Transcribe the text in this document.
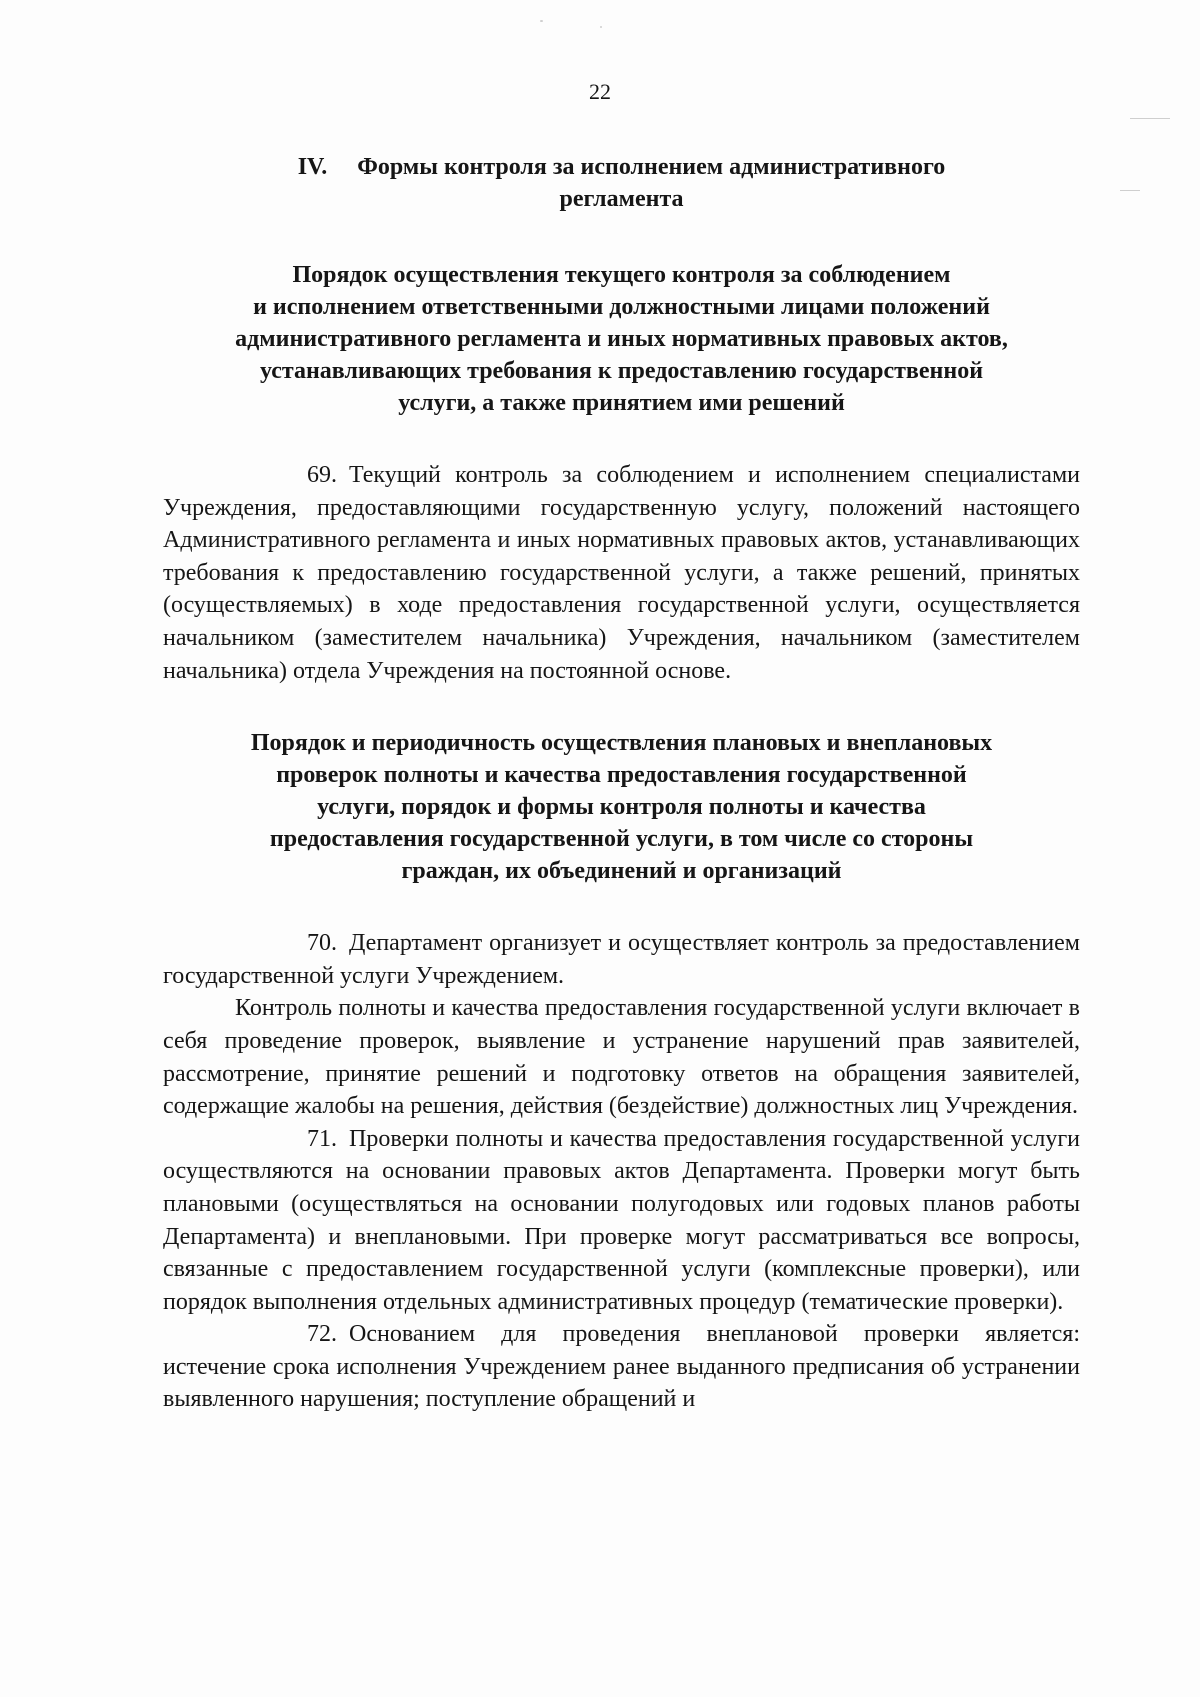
22
IV. Формы контроля за исполнением административного
регламента
Порядок осуществления текущего контроля за соблюдением
и исполнением ответственными должностными лицами положений
административного регламента и иных нормативных правовых актов,
устанавливающих требования к предоставлению государственной
услуги, а также принятием ими решений

69. Текущий контроль за соблюдением и исполнением специалистами Учреждения, предоставляющими государственную услугу, положений настоящего Административного регламента и иных нормативных правовых актов, устанавливающих требования к предоставлению государственной услуги, а также решений, принятых (осуществляемых) в ходе предоставления государственной услуги, осуществляется начальником (заместителем начальника) Учреждения, начальником (заместителем начальника) отдела Учреждения на постоянной основе.

Порядок и периодичность осуществления плановых и внеплановых
проверок полноты и качества предоставления государственной
услуги, порядок и формы контроля полноты и качества
предоставления государственной услуги, в том числе со стороны
граждан, их объединений и организаций

70. Департамент организует и осуществляет контроль за предоставлением государственной услуги Учреждением.

Контроль полноты и качества предоставления государственной услуги включает в себя проведение проверок, выявление и устранение нарушений прав заявителей, рассмотрение, принятие решений и подготовку ответов на обращения заявителей, содержащие жалобы на решения, действия (бездействие) должностных лиц Учреждения.

71. Проверки полноты и качества предоставления государственной услуги осуществляются на основании правовых актов Департамента. Проверки могут быть плановыми (осуществляться на основании полугодовых или годовых планов работы Департамента) и внеплановыми. При проверке могут рассматриваться все вопросы, связанные с предоставлением государственной услуги (комплексные проверки), или порядок выполнения отдельных административных процедур (тематические проверки).

72. Основанием для проведения внеплановой проверки является: истечение срока исполнения Учреждением ранее выданного предписания об устранении выявленного нарушения; поступление обращений и
